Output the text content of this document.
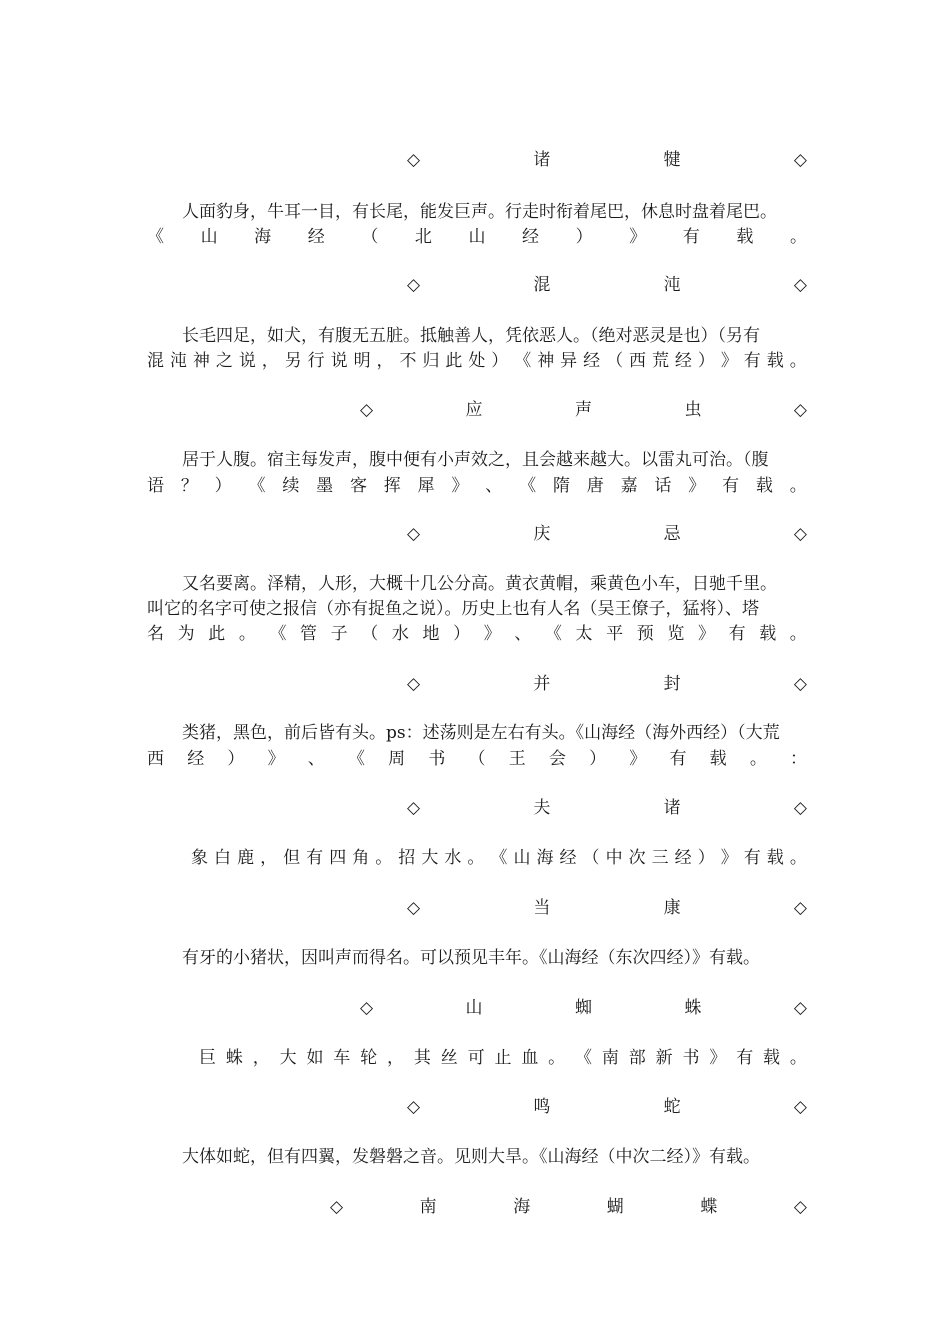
◇	诸	犍	◇
人面豹身，牛耳一目，有长尾，能发巨声。行走时衔着尾巴，休息时盘着尾巴。
《 山 海 经 （ 北 山 经 ） 》 有 载 。
◇	混	沌	◇
长毛四足，如犬，有腹无五脏。抵触善人，凭依恶人。（绝对恶灵是也）（另有
混 沌 神 之 说 ， 另 行 说 明 ， 不 归 此 处 ） 《 神 异 经 （ 西 荒 经 ） 》 有 载 。
◇	应	声	虫	◇
居于人腹。宿主每发声，腹中便有小声效之，且会越来越大。以雷丸可治。（腹
语 ？ ） 《 续 墨 客 挥 犀 》 、 《 隋 唐 嘉 话 》 有 载 。
◇	庆	忌	◇
又名要离。泽精，人形，大概十几公分高。黄衣黄帽，乘黄色小车，日驰千里。
叫它的名字可使之报信（亦有捉鱼之说）。历史上也有人名（吴王僚子，猛将）、塔
名 为 此 。 《 管 子 （ 水 地 ） 》 、 《 太 平 预 览 》 有 载 。
◇	并	封	◇
类猪，黑色，前后皆有头。ps：述荡则是左右有头。《山海经（海外西经）（大荒
西 经 ） 》 、 《 周 书 （ 王 会 ） 》 有 载 。 ：
◇	夫	诸	◇
象 白 鹿 ， 但 有 四 角 。 招 大 水 。 《 山 海 经 （ 中 次 三 经 ） 》 有 载 。
◇	当	康	◇
有牙的小猪状，因叫声而得名。可以预见丰年。《山海经（东次四经）》有载。
◇	山	蜘	蛛	◇
巨 蛛 ， 大 如 车 轮 ， 其 丝 可 止 血 。 《 南 部 新 书 》 有 载 。
◇	鸣	蛇	◇
大体如蛇，但有四翼，发磐磐之音。见则大旱。《山海经（中次二经）》有载。
◇	南	海	蝴	蝶	◇
